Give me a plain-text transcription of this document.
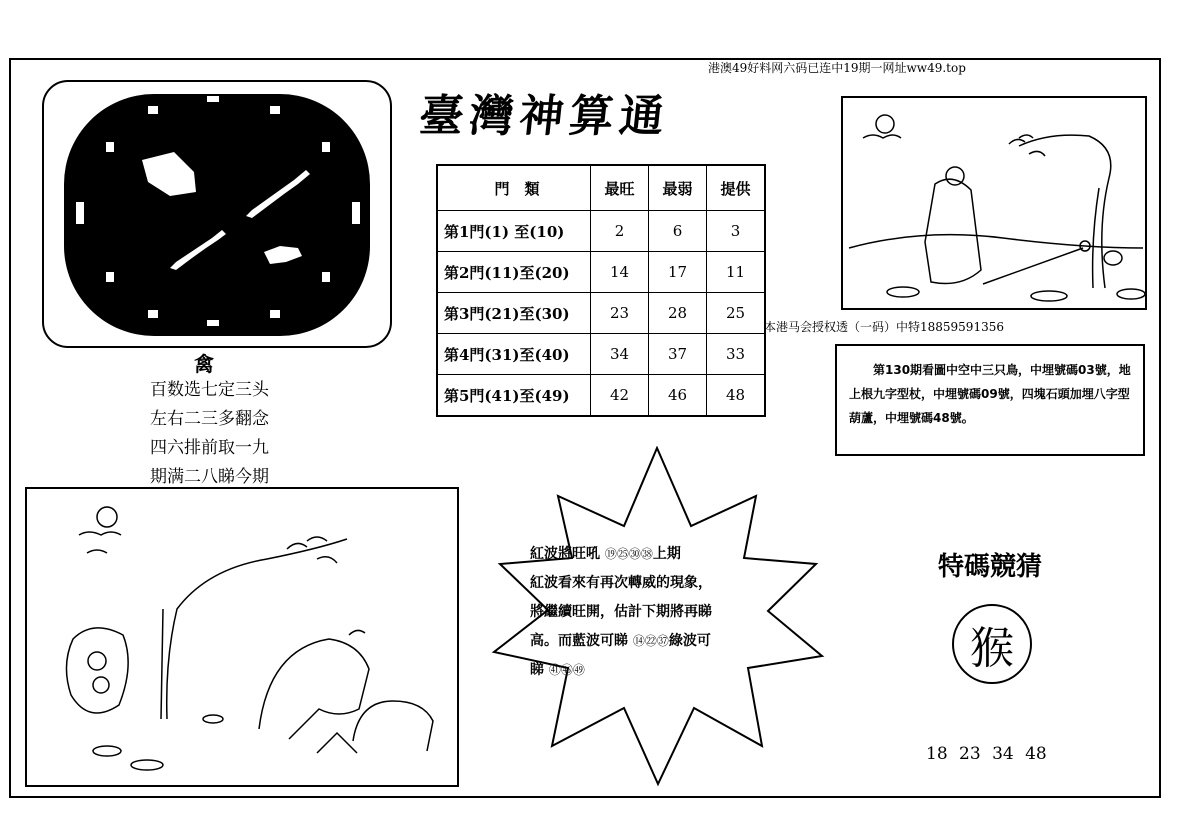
港澳49好料网六码已连中19期一网址ww49.top
禽
百数选七定三头
左右二三多翻念
四六排前取一九
期满二八睇今期
臺灣神算通
門　類	最旺	最弱	提供
第1門(1) 至(10)	2	6	3
第2門(11)至(20)	14	17	11
第3門(21)至(30)	23	28	25
第4門(31)至(40)	34	37	33
第5門(41)至(49)	42	46	48
本港马会授权透（一码）中特18859591356
　　第130期看圖中空中三只鳥，中埋號碼03號，地
上根九字型杖，中埋號碼09號，四塊石頭加埋八字型
葫蘆，中埋號碼48號。
紅波將旺吼 ⑲㉕㉚㊳上期
紅波看來有再次轉威的現象，
將繼續旺開，估計下期將再睇
高。而藍波可睇 ⑭㉒㊲綠波可
睇 ㊶㊻㊾
特碼競猜
猴
18 23 34 48
